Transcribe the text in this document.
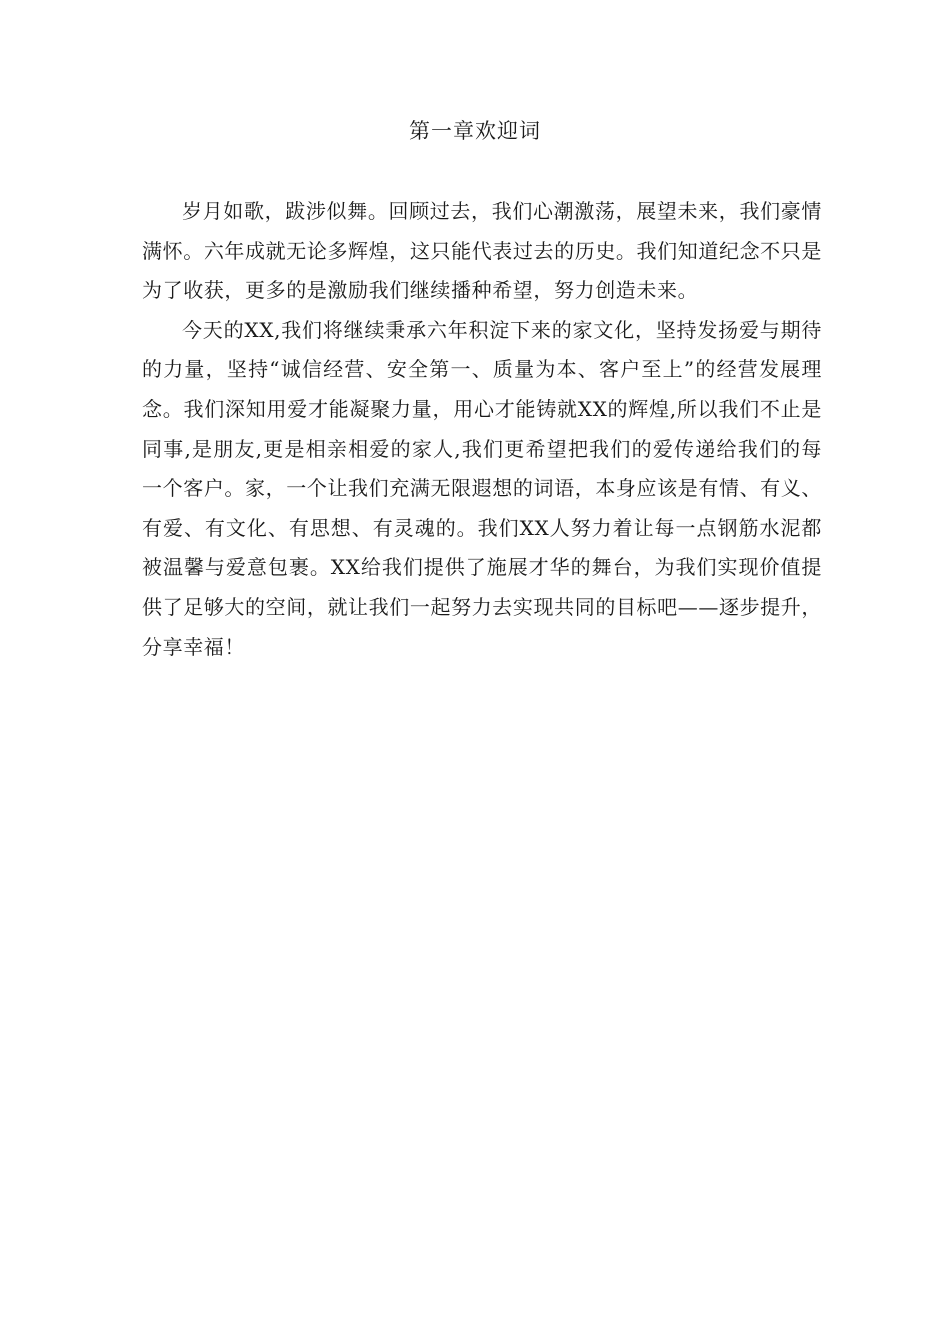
第一章欢迎词

岁月如歌，跋涉似舞。回顾过去，我们心潮激荡，展望未来，我们豪情满怀。六年成就无论多辉煌，这只能代表过去的历史。我们知道纪念不只是为了收获，更多的是激励我们继续播种希望，努力创造未来。

今天的XX,我们将继续秉承六年积淀下来的家文化，坚持发扬爱与期待的力量，坚持“诚信经营、安全第一、质量为本、客户至上”的经营发展理念。我们深知用爱才能凝聚力量，用心才能铸就XX的辉煌,所以我们不止是同事,是朋友,更是相亲相爱的家人,我们更希望把我们的爱传递给我们的每一个客户。家，一个让我们充满无限遐想的词语，本身应该是有情、有义、有爱、有文化、有思想、有灵魂的。我们XX人努力着让每一点钢筋水泥都被温馨与爱意包裹。XX给我们提供了施展才华的舞台，为我们实现价值提供了足够大的空间，就让我们一起努力去实现共同的目标吧——逐步提升，分享幸福！
